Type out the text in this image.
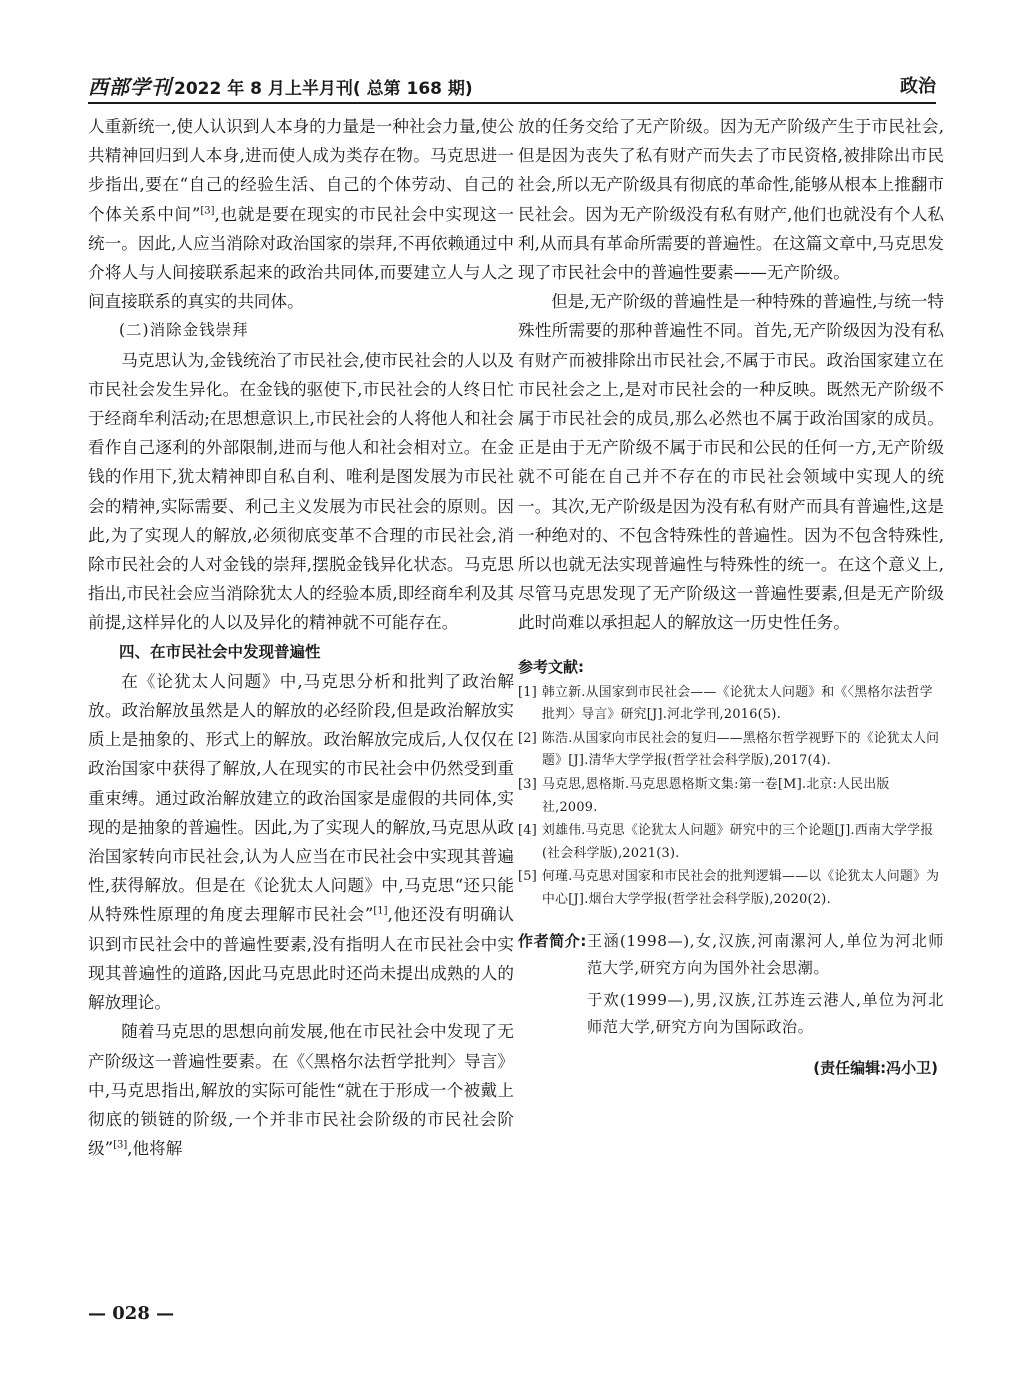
西部学刊 2022 年 8 月上半月刊( 总第 168 期)	政治

人重新统一,使人认识到人本身的力量是一种社会力量,使公共精神回归到人本身,进而使人成为类存在物。马克思进一步指出,要在“自己的经验生活、自己的个体劳动、自己的个体关系中间”[3],也就是要在现实的市民社会中实现这一统一。因此,人应当消除对政治国家的崇拜,不再依赖通过中介将人与人间接联系起来的政治共同体,而要建立人与人之间直接联系的真实的共同体。

(二)消除金钱崇拜

马克思认为,金钱统治了市民社会,使市民社会的人以及市民社会发生异化。在金钱的驱使下,市民社会的人终日忙于经商牟利活动;在思想意识上,市民社会的人将他人和社会看作自己逐利的外部限制,进而与他人和社会相对立。在金钱的作用下,犹太精神即自私自利、唯利是图发展为市民社会的精神,实际需要、利己主义发展为市民社会的原则。因此,为了实现人的解放,必须彻底变革不合理的市民社会,消除市民社会的人对金钱的崇拜,摆脱金钱异化状态。马克思指出,市民社会应当消除犹太人的经验本质,即经商牟利及其前提,这样异化的人以及异化的精神就不可能存在。

四、在市民社会中发现普遍性

在《论犹太人问题》中,马克思分析和批判了政治解放。政治解放虽然是人的解放的必经阶段,但是政治解放实质上是抽象的、形式上的解放。政治解放完成后,人仅仅在政治国家中获得了解放,人在现实的市民社会中仍然受到重重束缚。通过政治解放建立的政治国家是虚假的共同体,实现的是抽象的普遍性。因此,为了实现人的解放,马克思从政治国家转向市民社会,认为人应当在市民社会中实现其普遍性,获得解放。但是在《论犹太人问题》中,马克思“还只能从特殊性原理的角度去理解市民社会”[1],他还没有明确认识到市民社会中的普遍性要素,没有指明人在市民社会中实现其普遍性的道路,因此马克思此时还尚未提出成熟的人的解放理论。

随着马克思的思想向前发展,他在市民社会中发现了无产阶级这一普遍性要素。在《〈黑格尔法哲学批判〉导言》中,马克思指出,解放的实际可能性“就在于形成一个被戴上彻底的锁链的阶级,一个并非市民社会阶级的市民社会阶级”[3],他将解

放的任务交给了无产阶级。因为无产阶级产生于市民社会,但是因为丧失了私有财产而失去了市民资格,被排除出市民社会,所以无产阶级具有彻底的革命性,能够从根本上推翻市民社会。因为无产阶级没有私有财产,他们也就没有个人私利,从而具有革命所需要的普遍性。在这篇文章中,马克思发现了市民社会中的普遍性要素——无产阶级。

但是,无产阶级的普遍性是一种特殊的普遍性,与统一特殊性所需要的那种普遍性不同。首先,无产阶级因为没有私有财产而被排除出市民社会,不属于市民。政治国家建立在市民社会之上,是对市民社会的一种反映。既然无产阶级不属于市民社会的成员,那么必然也不属于政治国家的成员。正是由于无产阶级不属于市民和公民的任何一方,无产阶级就不可能在自己并不存在的市民社会领域中实现人的统一。其次,无产阶级是因为没有私有财产而具有普遍性,这是一种绝对的、不包含特殊性的普遍性。因为不包含特殊性,所以也就无法实现普遍性与特殊性的统一。在这个意义上,尽管马克思发现了无产阶级这一普遍性要素,但是无产阶级此时尚难以承担起人的解放这一历史性任务。

参考文献:
[1] 韩立新.从国家到市民社会——《论犹太人问题》和《〈黑格尔法哲学批判〉导言》研究[J].河北学刊,2016(5).
[2] 陈浩.从国家向市民社会的复归——黑格尔哲学视野下的《论犹太人问题》[J].清华大学学报(哲学社会科学版),2017(4).
[3] 马克思,恩格斯.马克思恩格斯文集:第一卷[M].北京:人民出版社,2009.
[4] 刘雄伟.马克思《论犹太人问题》研究中的三个论题[J].西南大学学报(社会科学版),2021(3).
[5] 何瑾.马克思对国家和市民社会的批判逻辑——以《论犹太人问题》为中心[J].烟台大学学报(哲学社会科学版),2020(2).
作者简介: 王涵(1998—),女,汉族,河南漯河人,单位为河北师范大学,研究方向为国外社会思潮。

于欢(1999—),男,汉族,江苏连云港人,单位为河北师范大学,研究方向为国际政治。

(责任编辑:冯小卫)
— 028 —
